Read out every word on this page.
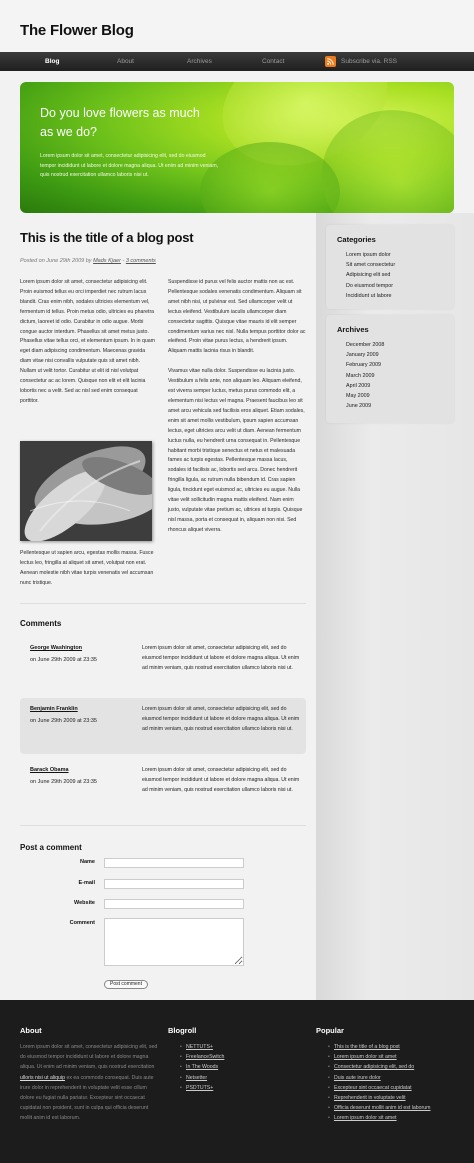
The Flower Blog
Blog	About	Archives	Contact	Subscribe via. RSS
Do you love flowers as much as we do?
Lorem ipsum dolor sit amet, consectetur adipisicing elit, sed do eiusmod tempor incididunt ut labore et dolore magna aliqua. Ut enim ad minim veniam, quis nostrud exercitation ullamco laboris nisi ut.
This is the title of a blog post
Posted on June 29th 2009 by Mads Kjaer - 3 comments
Lorem ipsum dolor sit amet, consectetur adipisicing elit. Proin euismod tellus eu orci imperdiet nec rutrum lacus blandit. Cras enim nibh, sodales ultricies elementum vel, fermentum id tellus. Proin metus odio, ultricies eu pharetra dictum, laoreet id odio. Curabitur in odio augue. Morbi congue auctor interdum. Phasellus sit amet metus justo. Phasellus vitae tellus orci, et elementum ipsum. In in quam eget diam adipiscing condimentum. Maecenas gravida diam vitae nisi convallis vulputate quis sit amet nibh. Nullam ut velit tortor. Curabitur ut elit id nisl volutpat consectetur ac ac lorem. Quisque non elit et elit lacinia lobortis nec a velit. Sed ac nisl sed enim consequat porttitor.
Pellentesque ut sapien arcu, egestas mollis massa. Fusce lectus leo, fringilla at aliquet sit amet, volutpat non erat. Aenean molestie nibh vitae turpis venenatis vel accumsan nunc tristique.
Suspendisse id purus vel felis auctor mattis non ac est. Pellentesque sodales venenatis condimentum. Aliquam sit amet nibh nisi, ut pulvinar est. Sed ullamcorper velit ut lectus eleifend. Vestibulum iaculis ullamcorper diam consectetur sagittis. Quisque vitae mauris id elit semper condimentum varius nec nisl. Nulla tempus porttitor dolor ac eleifend. Proin vitae purus lectus, a hendrerit ipsum. Aliquam mattis lacinia risus in blandit.
Vivamus vitae nulla dolor. Suspendisse eu lacinia justo. Vestibulum a felis ante, non aliquam leo. Aliquam eleifend, est viverra semper luctus, metus purus commodo elit, a elementum nisi lectus vel magna. Praesent faucibus leo sit amet arcu vehicula sed facilisis eros aliquet. Etiam sodales, enim sit amet mollis vestibulum, ipsum sapien accumsan lectus, eget ultricies arcu velit ut diam. Aenean fermentum luctus nulla, eu hendrerit urna consequat in. Pellentesque habitant morbi tristique senectus et netus et malesuada fames ac turpis egestas. Pellentesque massa lacus, sodales id facilisis ac, lobortis sed arcu. Donec hendrerit fringilla ligula, ac rutrum nulla bibendum id. Cras sapien ligula, tincidunt eget euismod ac, ultricies eu augue. Nulla vitae velit sollicitudin magna mattis eleifend. Nam enim justo, vulputate vitae pretium ac, ultrices at turpis. Quisque nisl massa, porta et consequat in, aliquam non nisi. Sed rhoncus aliquet viverra.
Comments
George Washington
on June 29th 2009 at 23:35
Lorem ipsum dolor sit amet, consectetur adipisicing elit, sed do eiusmod tempor incididunt ut labore et dolore magna aliqua. Ut enim ad minim veniam, quis nostrud exercitation ullamco laboris nisi ut.
Benjamin Franklin
on June 29th 2009 at 23:35
Lorem ipsum dolor sit amet, consectetur adipisicing elit, sed do eiusmod tempor incididunt ut labore et dolore magna aliqua. Ut enim ad minim veniam, quis nostrud exercitation ullamco laboris nisi ut.
Barack Obama
on June 29th 2009 at 23:35
Lorem ipsum dolor sit amet, consectetur adipisicing elit, sed do eiusmod tempor incididunt ut labore et dolore magna aliqua. Ut enim ad minim veniam, quis nostrud exercitation ullamco laboris nisi ut.
Post a comment
Name
E-mail
Website
Comment
Post comment
Categories
Lorem ipsum dolor
Sit amet consectetur
Adipisicing elit sed
Do eiusmod tempor
Incididunt ut labore
Archives
December 2008
January 2009
February 2009
March 2009
April 2009
May 2009
June 2009
About
Lorem ipsum dolor sit amet, consectetur adipisicing elit, sed do eiusmod tempor incididunt ut labore et dolore magna aliqua. Ut enim ad minim veniam, quis nostrud exercitation ulloris nisi ut aliquip ex ea commodo consequat. Duis aute irure dolor in reprehenderit in voluptate velit esse cillum dolore eu fugiat nulla pariatur. Excepteur sint occaecat cupidatat non proident, sunt in culpa qui officia deserunt mollit anim id est laborum.
Blogroll
• NETTUTS+
• FreelanceSwitch
• In The Woods
• Netsetter
• PSDTUTS+
Popular
• This is the title of a blog post
• Lorem ipsum dolor sit amet
• Consectetur adipisicing elit, sed do
• Duis aute irure dolor
• Excepteur sint occaecat cupidatat
• Reprehenderit in voluptate velit
• Officia deserunt mollit anim id est laborum
• Lorem ipsum dolor sit amet
